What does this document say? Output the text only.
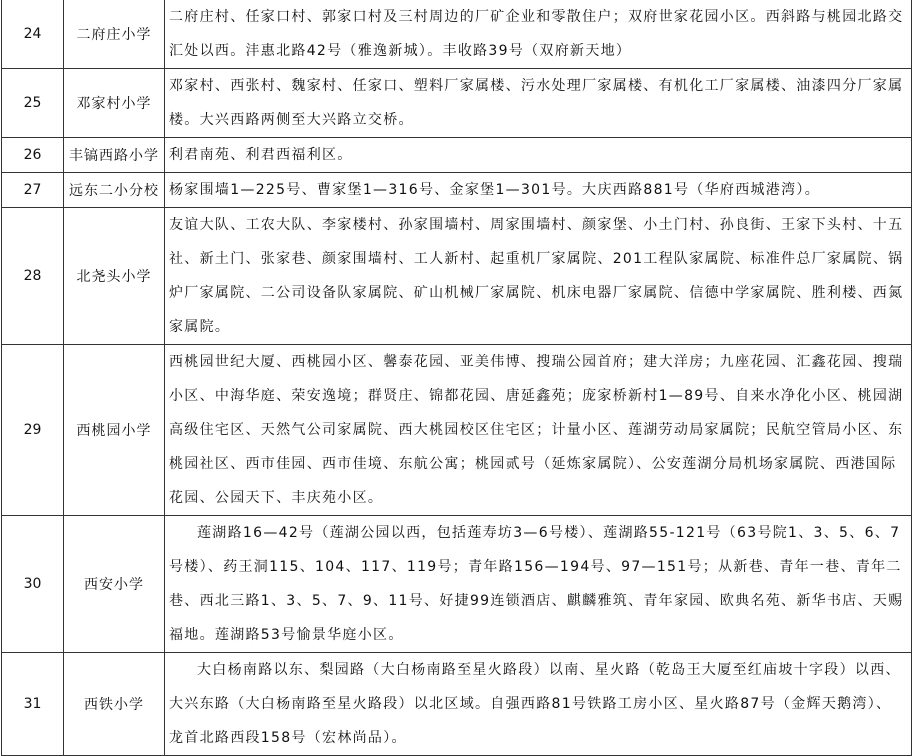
24	二府庄小学	二府庄村、任家口村、郭家口村及三村周边的厂矿企业和零散住户；双府世家花园小区。西斜路与桃园北路交汇处以西。沣惠北路42号（雅逸新城）。丰收路39号（双府新天地）
25	邓家村小学	邓家村、西张村、魏家村、任家口、塑料厂家属楼、污水处理厂家属楼、有机化工厂家属楼、油漆四分厂家属楼。大兴西路两侧至大兴路立交桥。
26	丰镐西路小学	利君南苑、利君西福利区。
27	远东二小分校	杨家围墙1—225号、曹家堡1—316号、金家堡1—301号。大庆西路881号（华府西城港湾）。
28	北尧头小学	友谊大队、工农大队、李家楼村、孙家围墙村、周家围墙村、颜家堡、小土门村、孙良街、王家下头村、十五社、新土门、张家巷、颜家围墙村、工人新村、起重机厂家属院、201工程队家属院、标准件总厂家属院、锅炉厂家属院、二公司设备队家属院、矿山机械厂家属院、机床电器厂家属院、信德中学家属院、胜利楼、西氮家属院。
29	西桃园小学	西桃园世纪大厦、西桃园小区、馨泰花园、亚美伟博、搜瑞公园首府；建大洋房；九座花园、汇鑫花园、搜瑞小区、中海华庭、荣安逸境；群贤庄、锦都花园、唐延鑫苑；庞家桥新村1—89号、自来水净化小区、桃园湖高级住宅区、天然气公司家属院、西大桃园校区住宅区；计量小区、莲湖劳动局家属院；民航空管局小区、东桃园社区、西市佳园、西市佳境、东航公寓；桃园贰号（延炼家属院）、公安莲湖分局机场家属院、西港国际花园、公园天下、丰庆苑小区。
30	西安小学	莲湖路16—42号（莲湖公园以西，包括莲寿坊3—6号楼）、莲湖路55-121号（63号院1、3、5、6、7号楼）、药王洞115、104、117、119号；青年路156—194号、97—151号；从新巷、青年一巷、青年二巷、西北三路1、3、5、7、9、11号、好捷99连锁酒店、麒麟雅筑、青年家园、欧典名苑、新华书店、天赐福地。莲湖路53号愉景华庭小区。
31	西铁小学	大白杨南路以东、梨园路（大白杨南路至星火路段）以南、星火路（乾岛王大厦至红庙坡十字段）以西、大兴东路（大白杨南路至星火路段）以北区域。自强西路81号铁路工房小区、星火路87号（金辉天鹅湾）、龙首北路西段158号（宏林尚品）。
